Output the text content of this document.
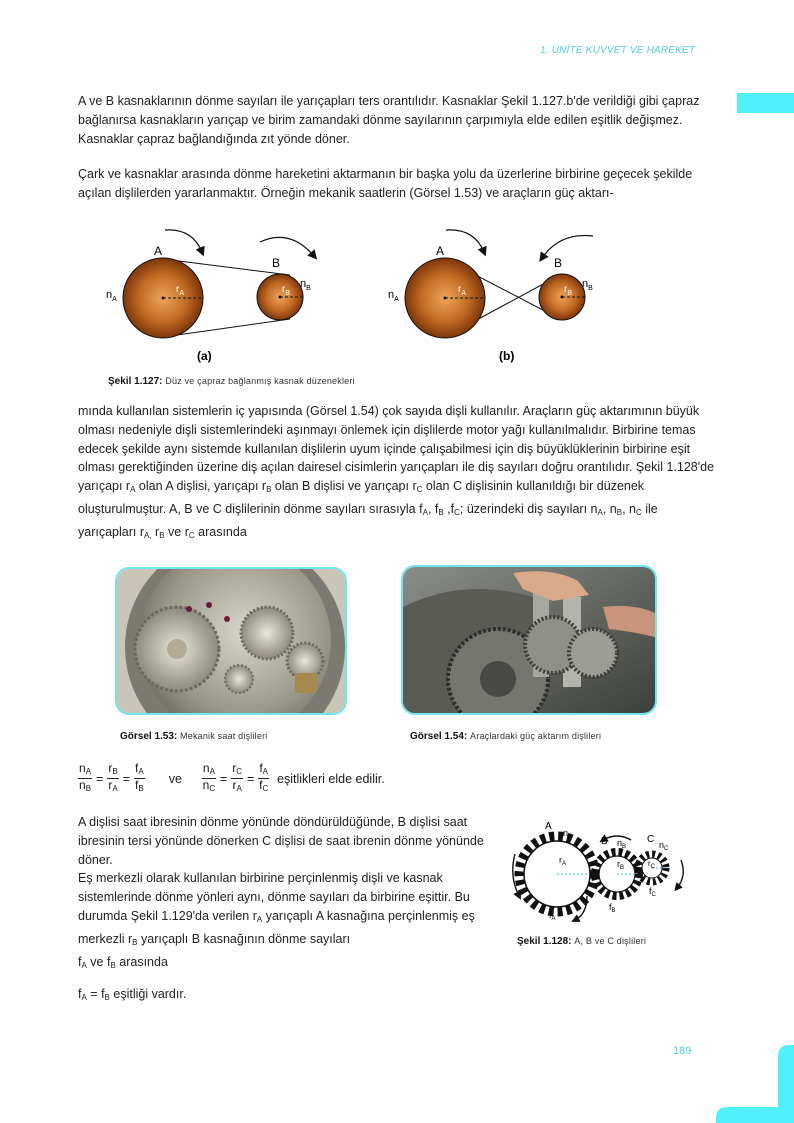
1. ÜNİTE KUVVET VE HAREKET
A ve B kasnaklarının dönme sayıları ile yarıçapları ters orantılıdır. Kasnaklar Şekil 1.127.b'de verildiği gibi çapraz bağlanırsa kasnakların yarıçap ve birim zamandaki dönme sayılarının çarpımıyla elde edilen eşitlik değişmez. Kasnaklar çapraz bağlandığında zıt yönde döner.
Çark ve kasnaklar arasında dönme hareketini aktarmanın bir başka yolu da üzerlerine birbirine geçecek şekilde açılan dişlilerden yararlanmaktır. Örneğin mekanik saatlerin (Görsel 1.53) ve araçların güç aktarı-
A
B
$n_A$
$n_B$
$r_A$	$r_B$
(a)
A
B
$n_A$
$n_B$
$r_A$	$r_B$
(b)
Şekil 1.127: Düz ve çapraz bağlanmış kasnak düzenekleri
mında kullanılan sistemlerin iç yapısında (Görsel 1.54) çok sayıda dişli kullanılır. Araçların güç aktarımının büyük olması nedeniyle dişli sistemlerindeki aşınmayı önlemek için dişlilerde motor yağı kullanılmalıdır. Birbirine temas edecek şekilde aynı sistemde kullanılan dişlilerin uyum içinde çalışabilmesi için diş büyüklüklerinin birbirine eşit olması gerektiğinden üzerine diş açılan dairesel cisimlerin yarıçapları ile diş sayıları doğru orantılıdır. Şekil 1.128'de yarıçapı $r_A$ olan A dişlisi, yarıçapı $r_B$ olan B dişlisi ve yarıçapı $r_C$ olan C dişlisinin kullanıldığı bir düzenek oluşturulmuştur. A, B ve C dişlilerinin dönme sayıları sırasıyla $f_A$, $f_B$ $,f_C$; üzerindeki diş sayıları $n_A$, $n_B$, $n_C$ ile yarıçapları $r_{A,}$ $r_B$ ve $r_C$ arasında
Görsel 1.53: Mekanik saat dişlileri	Görsel 1.54: Araçlardaki güç aktarım dişlileri
$\frac{n_A}{n_B} = \frac{r_B}{r_A} = \frac{f_A}{f_B}$ ve $\frac{n_A}{n_C} = \frac{r_C}{r_A} = \frac{f_A}{f_C}$ eşitlikleri elde edilir.
A dişlisi saat ibresinin dönme yönünde döndürüldüğünde, B dişlisi saat ibresinin tersi yönünde dönerken C dişlisi de saat ibrenin dönme yönünde döner.
Eş merkezli olarak kullanılan birbirine perçinlenmiş dişli ve kasnak sistemlerinde dönme yönleri aynı, dönme sayıları da birbirine eşittir. Bu durumda Şekil 1.129'da verilen $r_A$ yarıçaplı A kasnağına perçinlenmiş eş merkezli $r_B$ yarıçaplı B kasnağının dönme sayıları
$f_A$ ve $f_B$ arasında
$f_A = f_B$ eşitliği vardır.
A
$n_A$	B $n_B$
C $n_C$
$r_A$	$r_B$	$r_C$
$f_A$
$f_B$
$f_C$
Şekil 1.128: A, B ve C dişlileri
189
